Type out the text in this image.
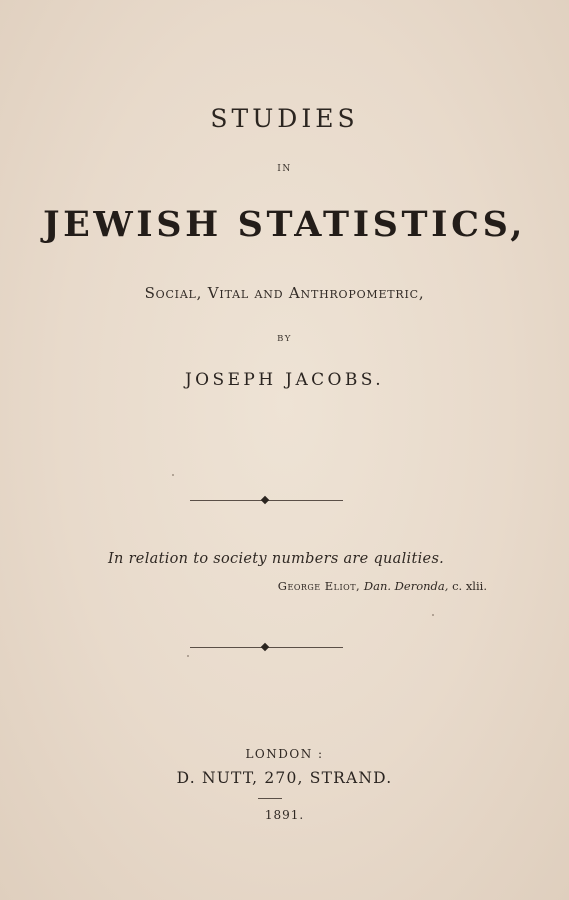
STUDIES
IN
JEWISH STATISTICS,
Social, Vital and Anthropometric,
BY
JOSEPH JACOBS.
In relation to society numbers are qualities.
George Eliot, Dan. Deronda, c. xlii.
LONDON :
D. NUTT, 270, STRAND.
1891.
